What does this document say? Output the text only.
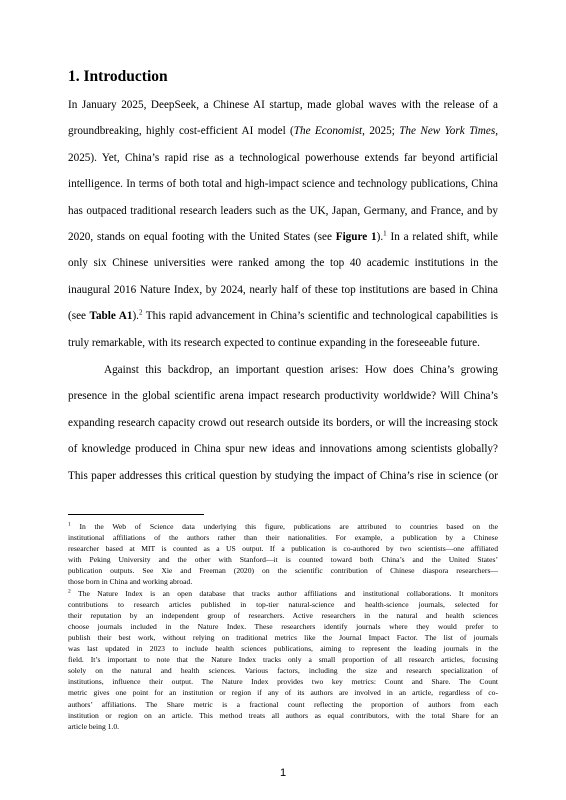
1. Introduction
In January 2025, DeepSeek, a Chinese AI startup, made global waves with the release of a
groundbreaking, highly cost-efficient AI model (The Economist, 2025; The New York Times,
2025). Yet, China’s rapid rise as a technological powerhouse extends far beyond artificial
intelligence. In terms of both total and high-impact science and technology publications, China
has outpaced traditional research leaders such as the UK, Japan, Germany, and France, and by
2020, stands on equal footing with the United States (see Figure 1).$^1$ In a related shift, while
only six Chinese universities were ranked among the top 40 academic institutions in the
inaugural 2016 Nature Index, by 2024, nearly half of these top institutions are based in China
(see Table A1).$^2$ This rapid advancement in China’s scientific and technological capabilities is
truly remarkable, with its research expected to continue expanding in the foreseeable future.
Against this backdrop, an important question arises: How does China’s growing
presence in the global scientific arena impact research productivity worldwide? Will China’s
expanding research capacity crowd out research outside its borders, or will the increasing stock
of knowledge produced in China spur new ideas and innovations among scientists globally?
This paper addresses this critical question by studying the impact of China’s rise in science (or
$^1$ In the Web of Science data underlying this figure, publications are attributed to countries based on the
institutional affiliations of the authors rather than their nationalities. For example, a publication by a Chinese
researcher based at MIT is counted as a US output. If a publication is co-authored by two scientists—one affiliated
with Peking University and the other with Stanford—it is counted toward both China’s and the United States’
publication outputs. See Xie and Freeman (2020) on the scientific contribution of Chinese diaspora researchers—
those born in China and working abroad.
$^2$ The Nature Index is an open database that tracks author affiliations and institutional collaborations. It monitors
contributions to research articles published in top-tier natural-science and health-science journals, selected for
their reputation by an independent group of researchers. Active researchers in the natural and health sciences
choose journals included in the Nature Index. These researchers identify journals where they would prefer to
publish their best work, without relying on traditional metrics like the Journal Impact Factor. The list of journals
was last updated in 2023 to include health sciences publications, aiming to represent the leading journals in the
field. It’s important to note that the Nature Index tracks only a small proportion of all research articles, focusing
solely on the natural and health sciences. Various factors, including the size and research specialization of
institutions, influence their output. The Nature Index provides two key metrics: Count and Share. The Count
metric gives one point for an institution or region if any of its authors are involved in an article, regardless of co-
authors’ affiliations. The Share metric is a fractional count reflecting the proportion of authors from each
institution or region on an article. This method treats all authors as equal contributors, with the total Share for an
article being 1.0.
1
